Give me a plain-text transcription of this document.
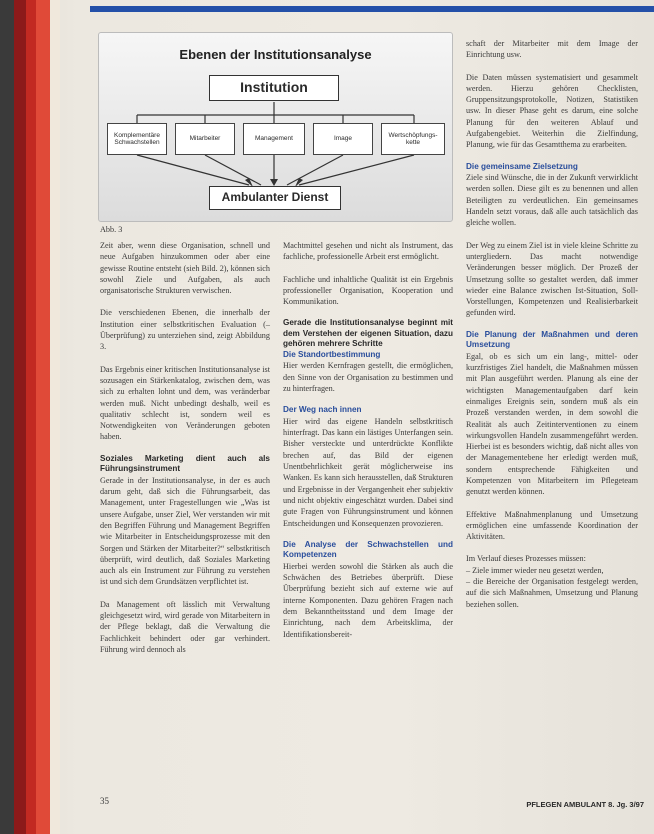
Ebenen der Institutionsanalyse
Institution
Komplementäre Schwachstellen
Mitarbeiter	Management	Image
Wertschöpfungs- kette
Ambulanter Dienst
Abb. 3

Zeit aber, wenn diese Organisation, schnell und neue Aufgaben hinzukommen oder aber eine gewisse Routine entsteht (sieh Bild. 2), können sich sowohl Ziele und Aufgaben, als auch organisatorische Strukturen verwischen.

Die verschiedenen Ebenen, die innerhalb der Institution einer selbstkritischen Evaluation (– Überprüfung) zu unterziehen sind, zeigt Abbildung 3.

Das Ergebnis einer kritischen Institutionsanalyse ist sozusagen ein Stärkenkatalog, zwischen dem, was sich zu erhalten lohnt und dem, was veränderbar werden muß. Nicht unbedingt deshalb, weil es qualitativ schlecht ist, sondern weil es Notwendigkeiten von Veränderungen geboten haben.

Soziales Marketing dient auch als Führungsinstrument

Gerade in der Institutionsanalyse, in der es auch darum geht, daß sich die Führungsarbeit, das Management, unter Fragestellungen wie „Was ist unsere Aufgabe, unser Ziel, Wer verstanden wir mit den Begriffen Führung und Management Begriffen wie Mitarbeiter in Entscheidungsprozesse mit den Sorgen und Stärken der Mitarbeiter?“ selbstkritisch überprüft, wird deutlich, daß Soziales Marketing auch als ein Instrument zur Führung zu verstehen ist und sich dem Grundsätzen verpflichtet ist.

Da Management oft lässlich mit Verwaltung gleichgesetzt wird, wird gerade von Mitarbeitern in der Pflege beklagt, daß die Verwaltung die Fachlichkeit behindert oder gar verhindert. Führung wird dennoch als

Machtmittel gesehen und nicht als Instrument, das fachliche, professionelle Arbeit erst ermöglicht.

Fachliche und inhaltliche Qualität ist ein Ergebnis professioneller Organisation, Kooperation und Kommunikation.

Gerade die Institutionsanalyse beginnt mit dem Verstehen der eigenen Situation, dazu gehören mehrere Schritte
Die Standortbestimmung

Hier werden Kernfragen gestellt, die ermöglichen, den Sinne von der Organisation zu bestimmen und zu hinterfragen.

Der Weg nach innen

Hier wird das eigene Handeln selbstkritisch hinterfragt. Das kann ein lästiges Unterfangen sein. Bisher versteckte und unterdrückte Konflikte brechen auf, das Bild der eigenen Unentbehrlichkeit gerät möglicherweise ins Wanken. Es kann sich herausstellen, daß Strukturen und Ergebnisse in der Vergangenheit eher subjektiv und nicht objektiv eingeschätzt wurden. Dabei sind gute Fragen von Führungsinstrument und können Entscheidungen und Konsequenzen provozieren.

Die Analyse der Schwachstellen und Kompetenzen

Hierbei werden sowohl die Stärken als auch die Schwächen des Betriebes überprüft. Diese Überprüfung bezieht sich auf externe wie auf interne Komponenten. Dazu gehören Fragen nach dem Bekanntheitsstand und dem Image der Einrichtung, nach dem Arbeitsklima, der Identifikationsbereit-

schaft der Mitarbeiter mit dem Image der Einrichtung usw.

Die Daten müssen systematisiert und gesammelt werden. Hierzu gehören Checklisten, Gruppensitzungsprotokolle, Notizen, Statistiken usw. In dieser Phase geht es darum, eine solche Planung für den weiteren Ablauf und Aufgabengebiet. Weiterhin die Zielfindung, Planung, wie für das Gesamtthema zu erarbeiten.

Die gemeinsame Zielsetzung

Ziele sind Wünsche, die in der Zukunft verwirklicht werden sollen. Diese gilt es zu benennen und allen Beteiligten zu verdeutlichen. Ein gemeinsames Handeln setzt voraus, daß alle auch tatsächlich das gleiche wollen.

Der Weg zu einem Ziel ist in viele kleine Schritte zu untergliedern. Das macht notwendige Veränderungen besser möglich. Der Prozeß der Umsetzung sollte so gestaltet werden, daß immer wieder eine Balance zwischen Ist-Situation, Soll-Vorstellungen, Kompetenzen und Realisierbarkeit gefunden wird.

Die Planung der Maßnahmen und deren Umsetzung

Egal, ob es sich um ein lang-, mittel- oder kurzfristiges Ziel handelt, die Maßnahmen müssen mit Plan ausgeführt werden. Planung als eine der wichtigsten Managementaufgaben darf kein einmaliges Ereignis sein, sondern muß als ein Prozeß verstanden werden, in dem sowohl die Realität als auch Zeitinterventionen zu einem wirkungsvollen Handeln zusammengeführt werden. Hierbei ist es besonders wichtig, daß nicht alles von der Managementebene her erledigt werden muß, sondern entsprechende Fähigkeiten und Kompetenzen von Mitarbeitern im Pflegeteam genutzt werden können.

Effektive Maßnahmenplanung und Umsetzung ermöglichen eine umfassende Koordination der Aktivitäten.

Im Verlauf dieses Prozesses müssen:
– Ziele immer wieder neu gesetzt werden,
– die Bereiche der Organisation festgelegt werden, auf die sich Maßnahmen, Umsetzung und Planung beziehen sollen.
35	PFLEGEN AMBULANT 8. Jg. 3/97
